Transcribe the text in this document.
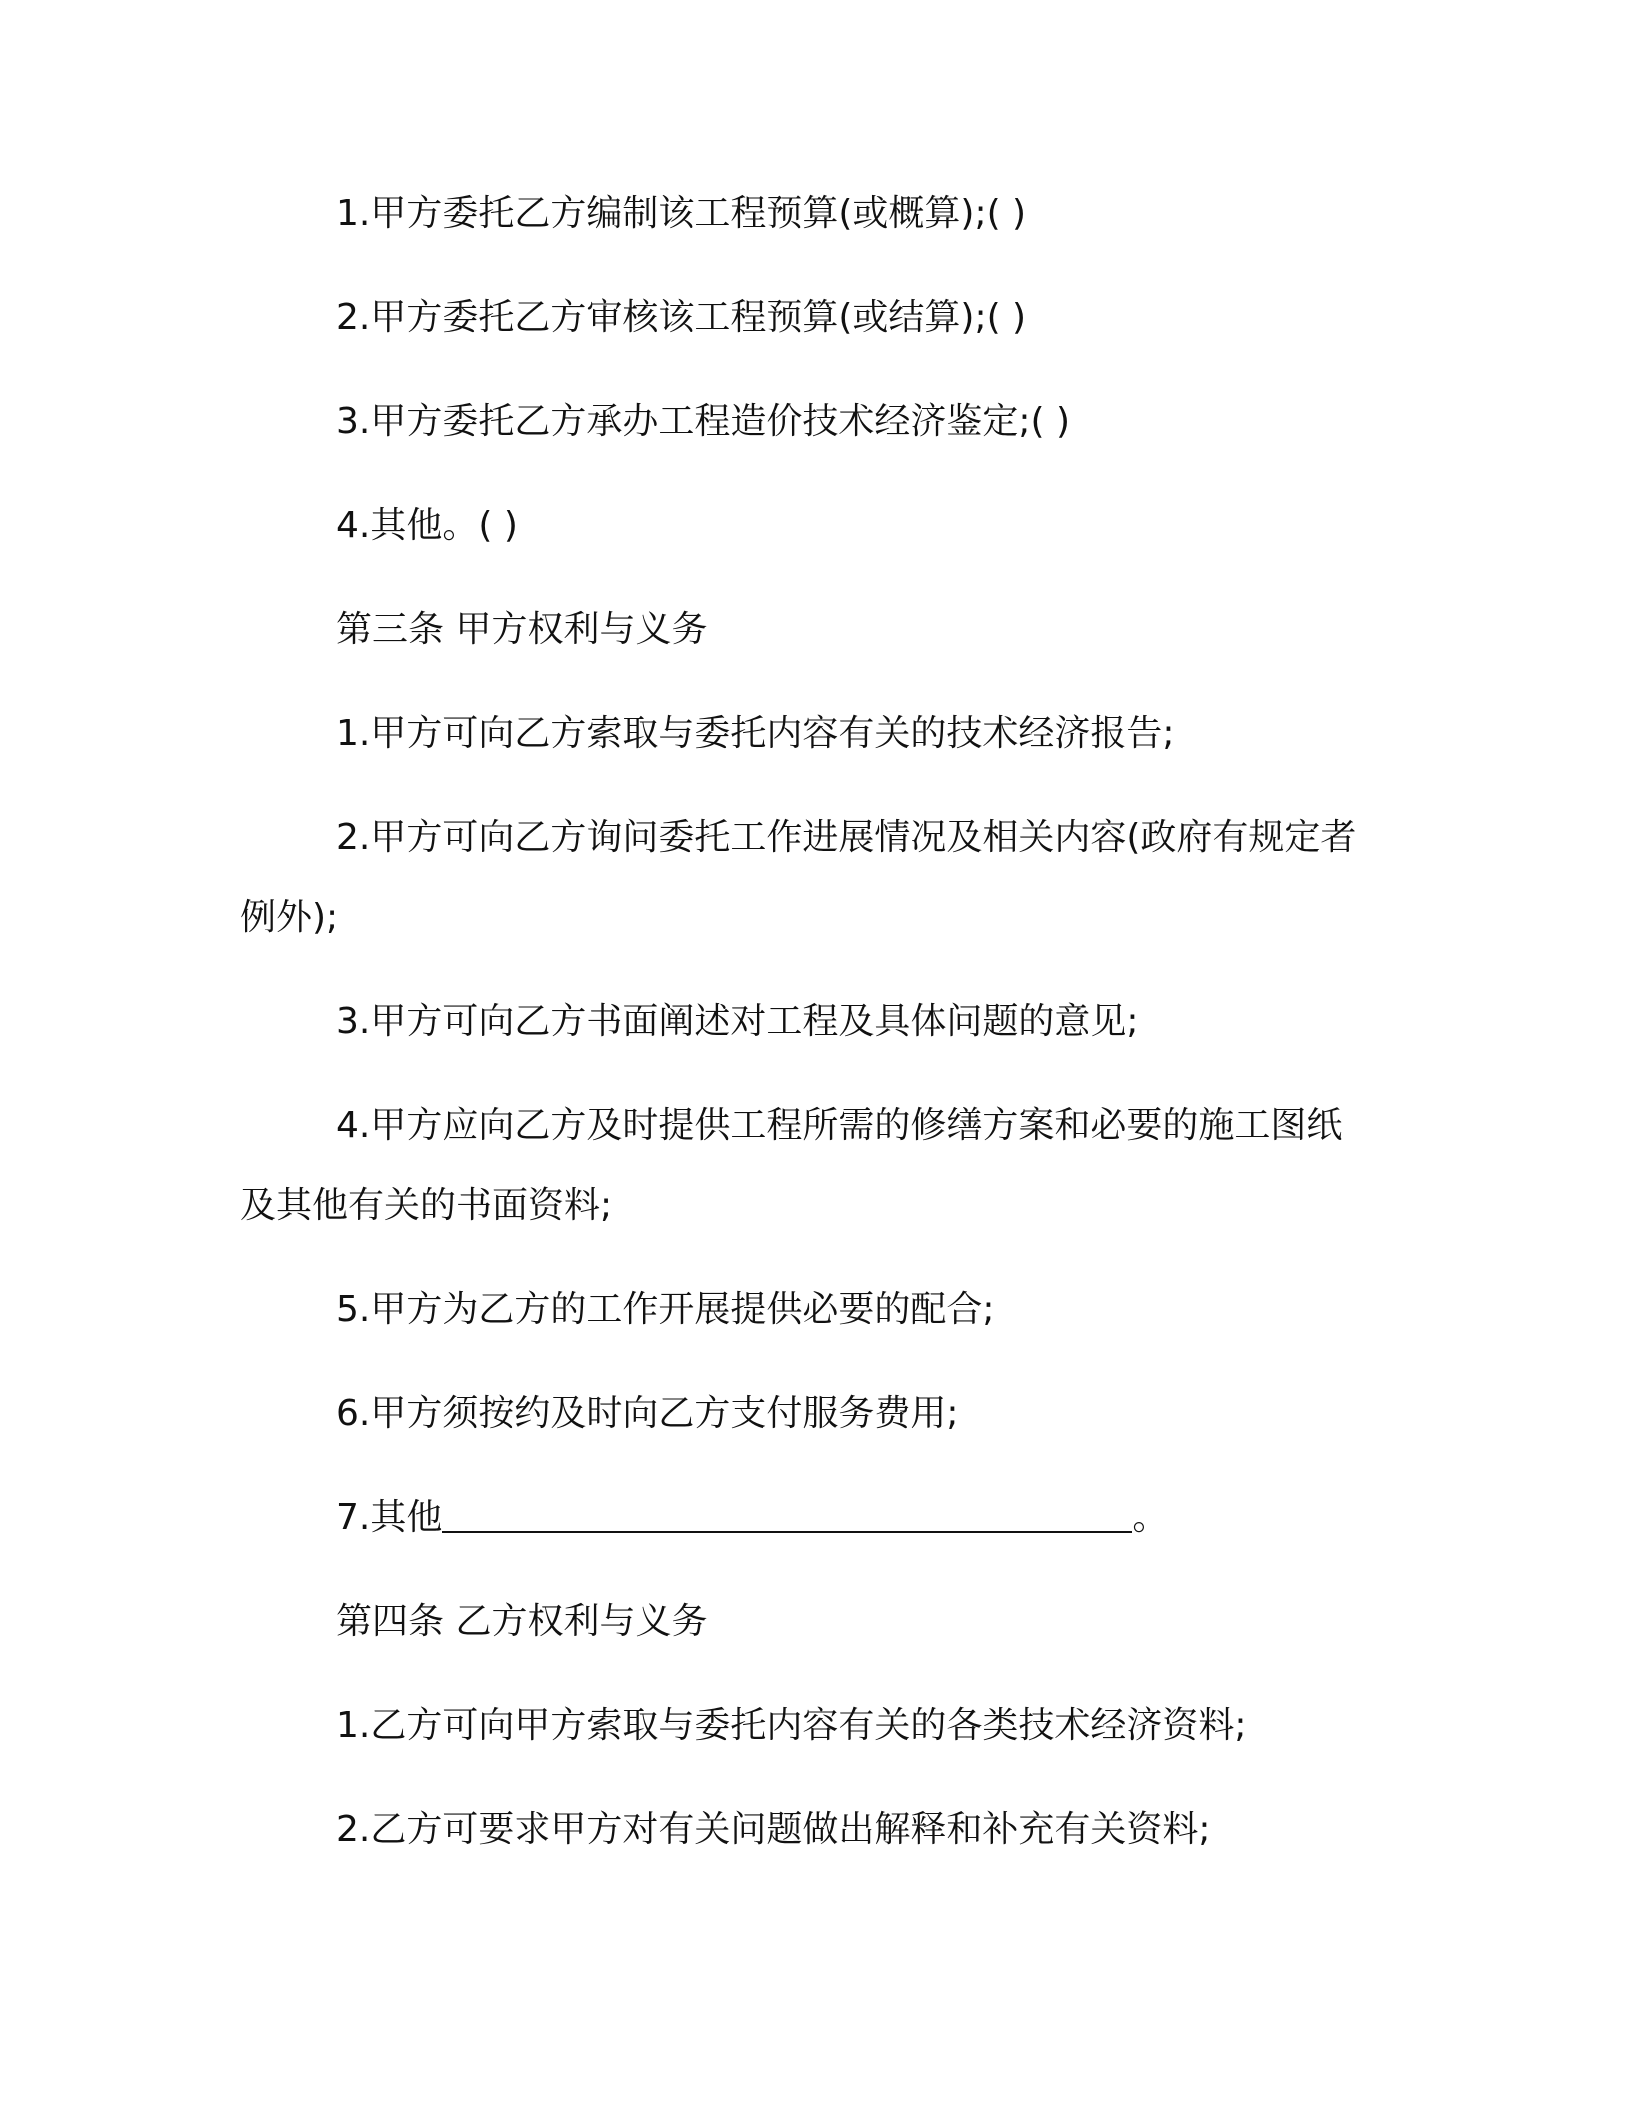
1.甲方委托乙方编制该工程预算(或概算);( )
2.甲方委托乙方审核该工程预算(或结算);( )
3.甲方委托乙方承办工程造价技术经济鉴定;( )
4.其他。( )
第三条 甲方权利与义务
1.甲方可向乙方索取与委托内容有关的技术经济报告;
2.甲方可向乙方询问委托工作进展情况及相关内容(政府有规定者
例外);
3.甲方可向乙方书面阐述对工程及具体问题的意见;
4.甲方应向乙方及时提供工程所需的修缮方案和必要的施工图纸
及其他有关的书面资料;
5.甲方为乙方的工作开展提供必要的配合;
6.甲方须按约及时向乙方支付服务费用;
7.其他	。
第四条 乙方权利与义务
1.乙方可向甲方索取与委托内容有关的各类技术经济资料;
2.乙方可要求甲方对有关问题做出解释和补充有关资料;
